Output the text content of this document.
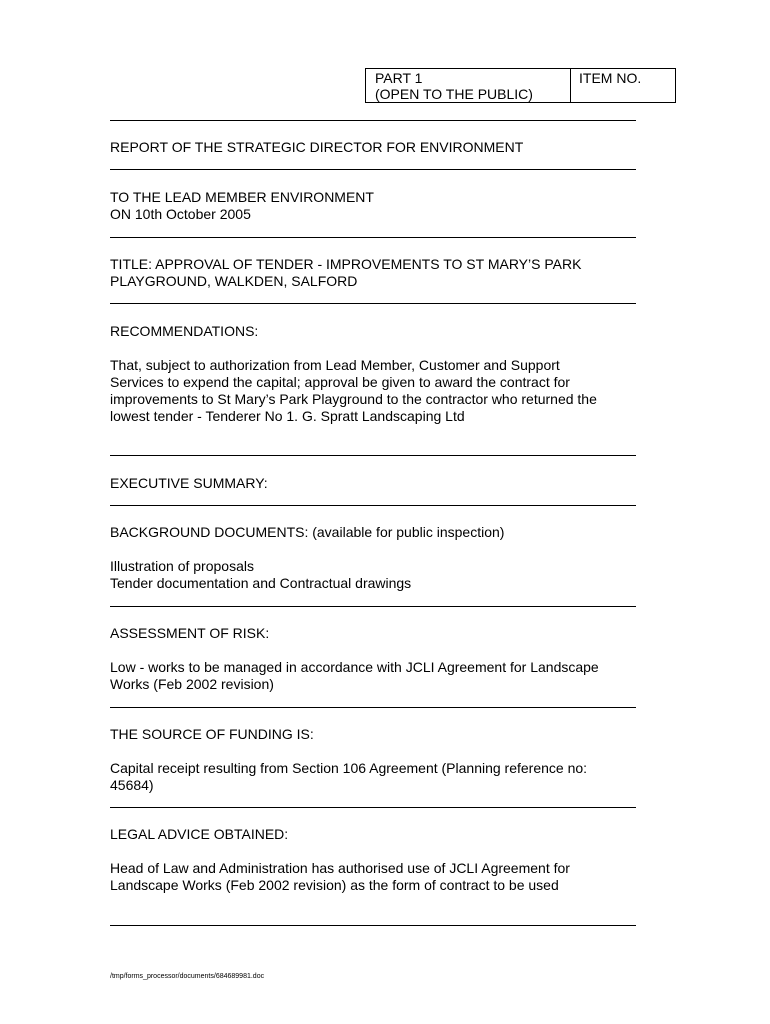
PART 1
(OPEN TO THE PUBLIC)
ITEM NO.
REPORT OF THE STRATEGIC DIRECTOR FOR ENVIRONMENT
TO THE LEAD MEMBER ENVIRONMENT
ON 10th October 2005
TITLE: APPROVAL OF TENDER - IMPROVEMENTS TO ST MARY’S PARK
PLAYGROUND, WALKDEN, SALFORD
RECOMMENDATIONS:
That, subject to authorization from Lead Member, Customer and Support
Services to expend the capital; approval be given to award the contract for
improvements to St Mary’s Park Playground to the contractor who returned the
lowest tender - Tenderer No 1. G. Spratt Landscaping Ltd
EXECUTIVE SUMMARY:
BACKGROUND DOCUMENTS: (available for public inspection)
Illustration of proposals
Tender documentation and Contractual drawings
ASSESSMENT OF RISK:
Low - works to be managed in accordance with JCLI Agreement for Landscape
Works (Feb 2002 revision)
THE SOURCE OF FUNDING IS:
Capital receipt resulting from Section 106 Agreement (Planning reference no:
45684)
LEGAL ADVICE OBTAINED:
Head of Law and Administration has authorised use of JCLI Agreement for
Landscape Works (Feb 2002 revision) as the form of contract to be used
/tmp/forms_processor/documents/684689981.doc
